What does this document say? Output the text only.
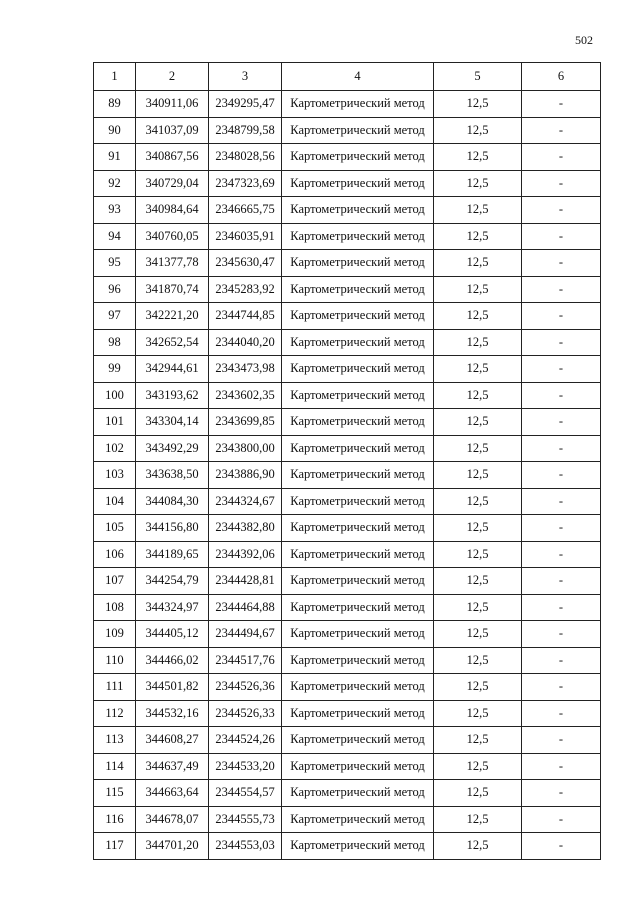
502
1	2	3	4	5	6
89	340911,06	2349295,47	Картометрический метод	12,5	-
90	341037,09	2348799,58	Картометрический метод	12,5	-
91	340867,56	2348028,56	Картометрический метод	12,5	-
92	340729,04	2347323,69	Картометрический метод	12,5	-
93	340984,64	2346665,75	Картометрический метод	12,5	-
94	340760,05	2346035,91	Картометрический метод	12,5	-
95	341377,78	2345630,47	Картометрический метод	12,5	-
96	341870,74	2345283,92	Картометрический метод	12,5	-
97	342221,20	2344744,85	Картометрический метод	12,5	-
98	342652,54	2344040,20	Картометрический метод	12,5	-
99	342944,61	2343473,98	Картометрический метод	12,5	-
100	343193,62	2343602,35	Картометрический метод	12,5	-
101	343304,14	2343699,85	Картометрический метод	12,5	-
102	343492,29	2343800,00	Картометрический метод	12,5	-
103	343638,50	2343886,90	Картометрический метод	12,5	-
104	344084,30	2344324,67	Картометрический метод	12,5	-
105	344156,80	2344382,80	Картометрический метод	12,5	-
106	344189,65	2344392,06	Картометрический метод	12,5	-
107	344254,79	2344428,81	Картометрический метод	12,5	-
108	344324,97	2344464,88	Картометрический метод	12,5	-
109	344405,12	2344494,67	Картометрический метод	12,5	-
110	344466,02	2344517,76	Картометрический метод	12,5	-
111	344501,82	2344526,36	Картометрический метод	12,5	-
112	344532,16	2344526,33	Картометрический метод	12,5	-
113	344608,27	2344524,26	Картометрический метод	12,5	-
114	344637,49	2344533,20	Картометрический метод	12,5	-
115	344663,64	2344554,57	Картометрический метод	12,5	-
116	344678,07	2344555,73	Картометрический метод	12,5	-
117	344701,20	2344553,03	Картометрический метод	12,5	-
